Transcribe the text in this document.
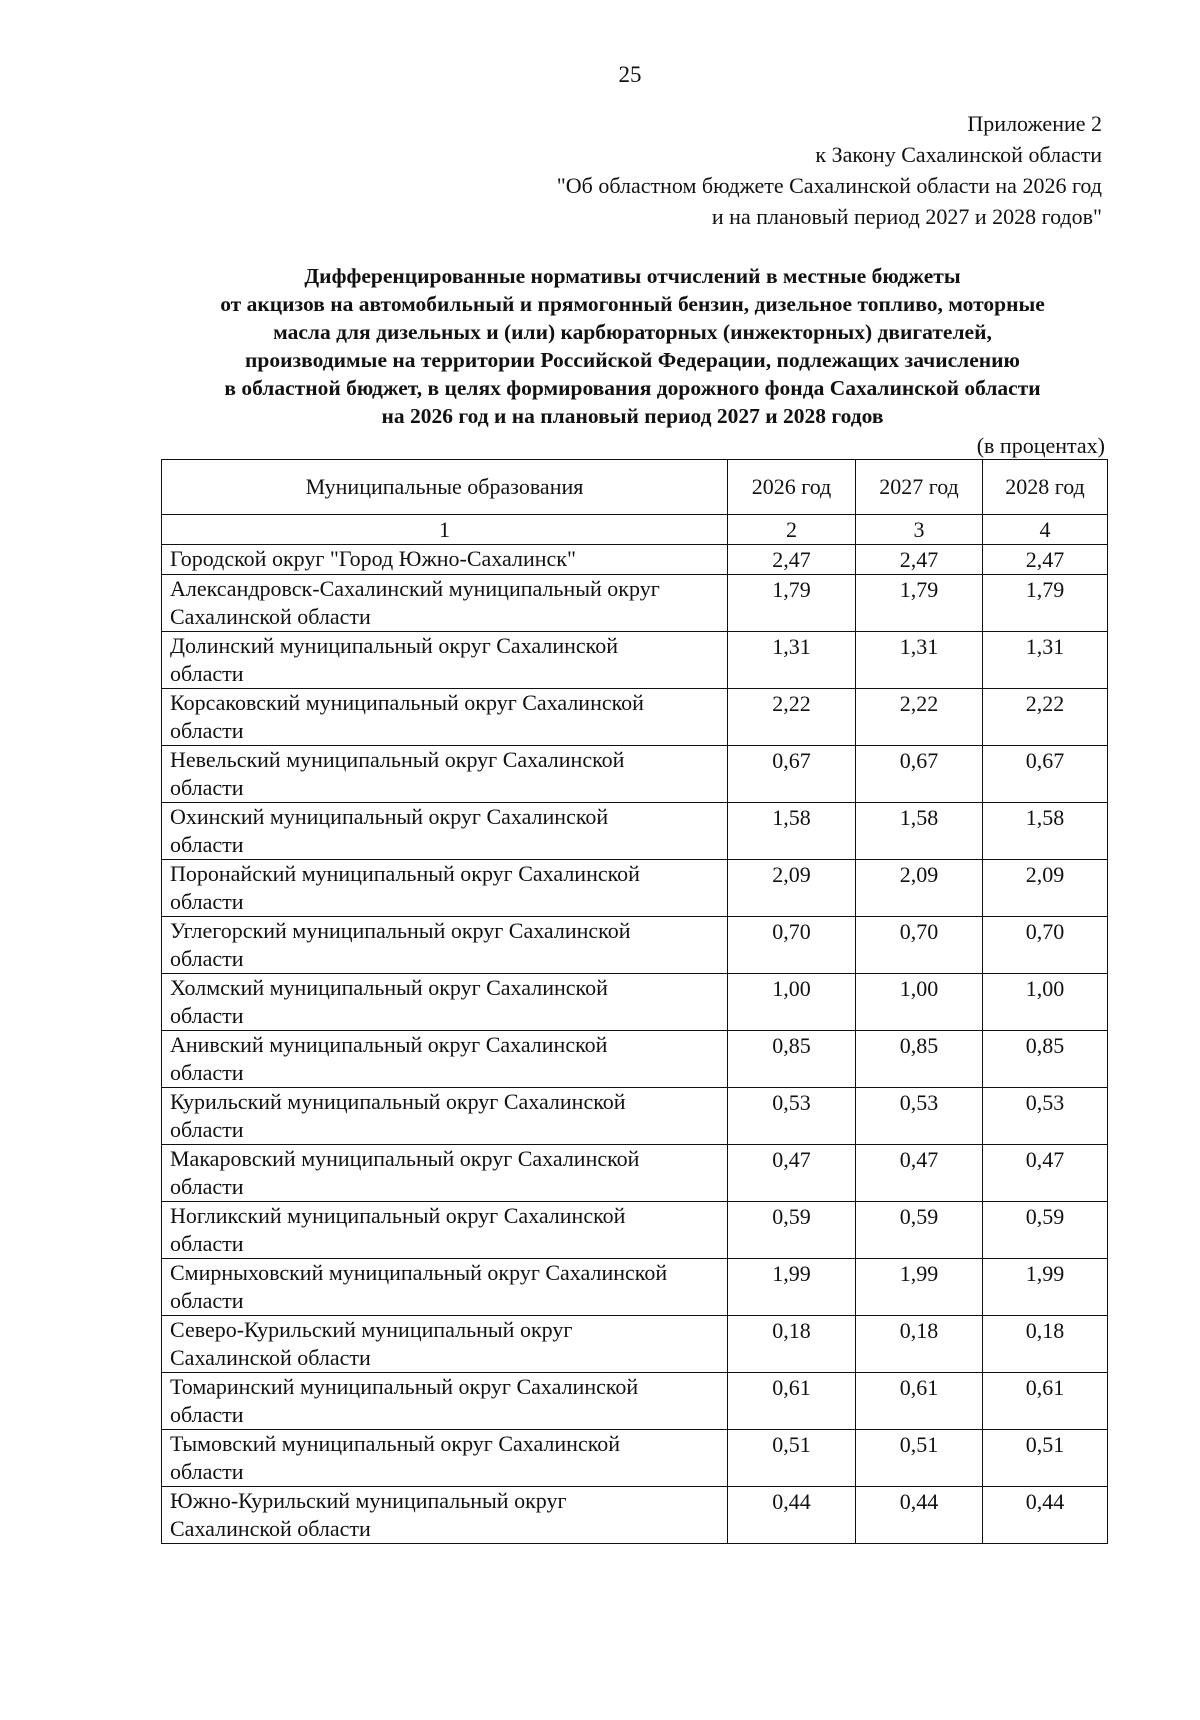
25
Приложение 2
к Закону Сахалинской области
"Об областном бюджете Сахалинской области на 2026 год
и на плановый период 2027 и 2028 годов"
Дифференцированные нормативы отчислений в местные бюджеты
от акцизов на автомобильный и прямогонный бензин, дизельное топливо, моторные
масла для дизельных и (или) карбюраторных (инжекторных) двигателей,
производимые на территории Российской Федерации, подлежащих зачислению
в областной бюджет, в целях формирования дорожного фонда Сахалинской области
на 2026 год и на плановый период 2027 и 2028 годов
(в процентах)
Муниципальные образования	2026 год	2027 год	2028 год
1	2	3	4

Городской округ "Город Южно-Сахалинск"	2,47	2,47	2,47

Александровск-Сахалинский муниципальный округ
Сахалинской области	1,79	1,79	1,79

Долинский муниципальный округ Сахалинской
области	1,31	1,31	1,31

Корсаковский муниципальный округ Сахалинской
области	2,22	2,22	2,22

Невельский муниципальный округ Сахалинской
области	0,67	0,67	0,67

Охинский муниципальный округ Сахалинской
области	1,58	1,58	1,58

Поронайский муниципальный округ Сахалинской
области	2,09	2,09	2,09

Углегорский муниципальный округ Сахалинской
области	0,70	0,70	0,70

Холмский муниципальный округ Сахалинской
области	1,00	1,00	1,00

Анивский муниципальный округ Сахалинской
области	0,85	0,85	0,85

Курильский муниципальный округ Сахалинской
области	0,53	0,53	0,53

Макаровский муниципальный округ Сахалинской
области	0,47	0,47	0,47

Ногликский муниципальный округ Сахалинской
области	0,59	0,59	0,59

Смирныховский муниципальный округ Сахалинской
области	1,99	1,99	1,99

Северо-Курильский муниципальный округ
Сахалинской области	0,18	0,18	0,18

Томаринский муниципальный округ Сахалинской
области	0,61	0,61	0,61

Тымовский муниципальный округ Сахалинской
области	0,51	0,51	0,51

Южно-Курильский муниципальный округ
Сахалинской области	0,44	0,44	0,44
